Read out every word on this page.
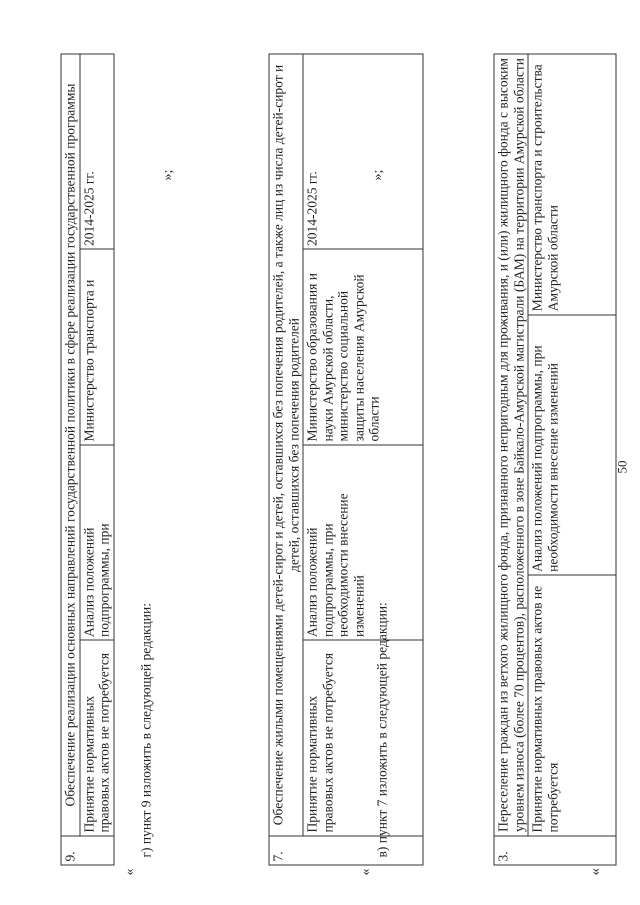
50
«
3.	Переселение граждан из ветхого жилищного фонда, признанного непригодным для проживания, и (или) жилищного фонда с высоким уровнем износа (более 70 процентов), расположенного в зоне Байкало-Амурской магистрали (БАМ) на территории Амурской области		
	Принятие нормативных правовых актов не потребуется	Анализ положений подпрограммы, при необходимости внесение изменений	Министерство транспорта и строительства Амурской области
»;
в) пункт 7 изложить в следующей редакции:
«
7.	Обеспечение жилыми помещениями детей-сирот и детей, оставшихся без попечения родителей, а также лиц из числа детей-сирот и детей, оставшихся без попечения родителей			
	Принятие нормативных правовых актов не потребуется	Анализ положений подпрограммы, при необходимости внесение изменений	Министерство образования и науки Амурской области, министерство социальной защиты населения Амурской области	2014-2025 гг.
»;
г) пункт 9 изложить в следующей редакции:
«
9.	Обеспечение реализации основных направлений государственной политики в сфере реализации государственной программы			
	Принятие нормативных правовых актов не потребуется	Анализ положений подпрограммы, при	Министерство транспорта и	2014-2025 гг.
